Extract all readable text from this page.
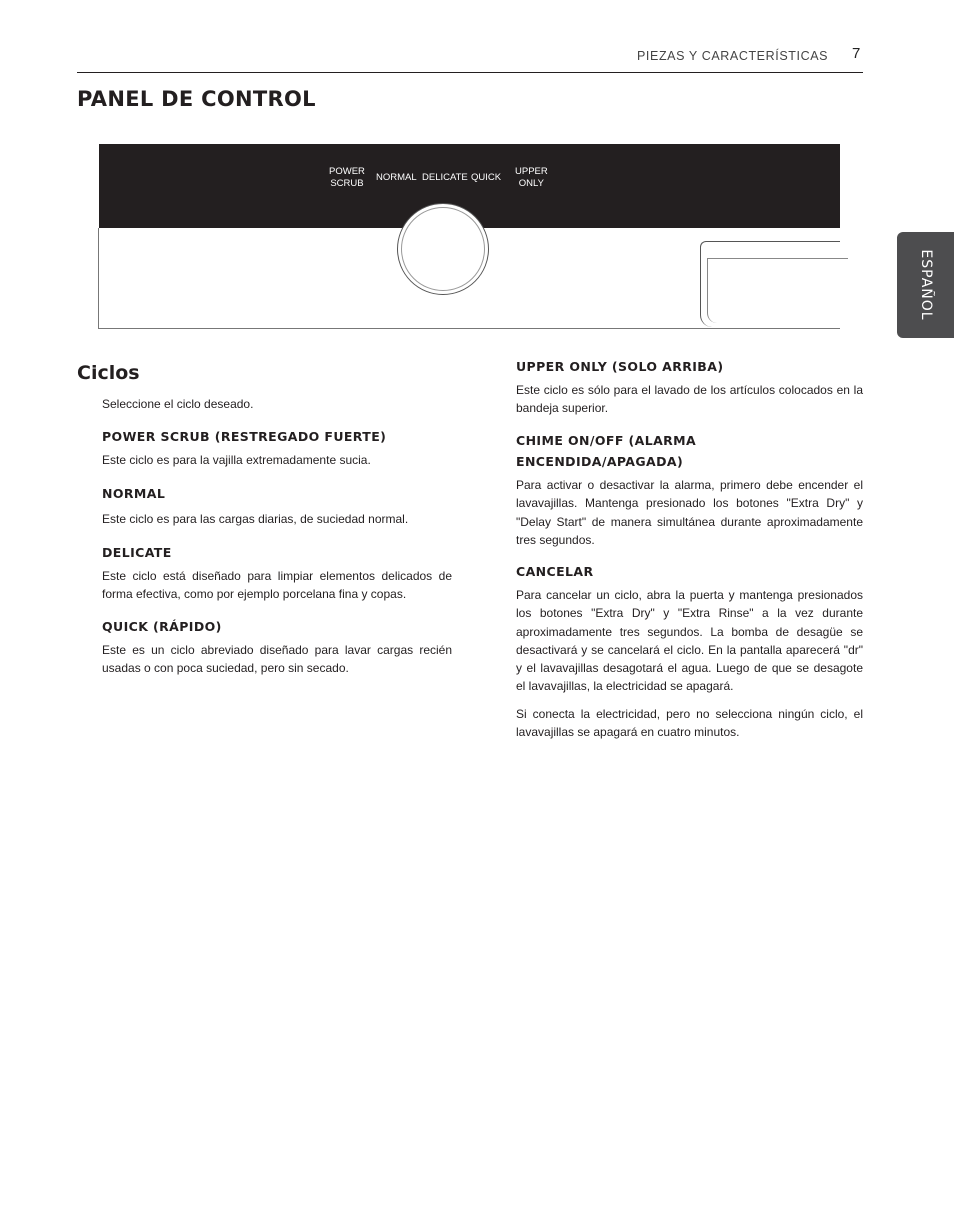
PIEZAS Y CARACTERÍSTICAS 7
PANEL DE CONTROL
ESPAÑOL
POWER
SCRUB
NORMAL DELICATE QUICK
UPPER
ONLY
Ciclos

Seleccione el ciclo deseado.

POWER SCRUB (RESTREGADO FUERTE)

Este ciclo es para la vajilla extremadamente sucia.

NORMAL

Este ciclo es para las cargas diarias, de suciedad normal.

DELICATE

Este ciclo está diseñado para limpiar elementos delicados de forma efectiva, como por ejemplo porcelana fina y copas.

QUICK (RÁPIDO)

Este es un ciclo abreviado diseñado para lavar cargas recién usadas o con poca suciedad, pero sin secado.

UPPER ONLY (SOLO ARRIBA)

Este ciclo es sólo para el lavado de los artículos colocados en la bandeja superior.

CHIME ON/OFF (ALARMA ENCENDIDA/APAGADA)

Para activar o desactivar la alarma, primero debe encender el lavavajillas. Mantenga presionado los botones "Extra Dry" y "Delay Start" de manera simultánea durante aproximadamente tres segundos.

CANCELAR

Para cancelar un ciclo, abra la puerta y mantenga presionados los botones "Extra Dry" y "Extra Rinse" a la vez durante aproximadamente tres segundos. La bomba de desagüe se desactivará y se cancelará el ciclo. En la pantalla aparecerá "dr" y el lavavajillas desagotará el agua. Luego de que se desagote el lavavajillas, la electricidad se apagará.

Si conecta la electricidad, pero no selecciona ningún ciclo, el lavavajillas se apagará en cuatro minutos.
